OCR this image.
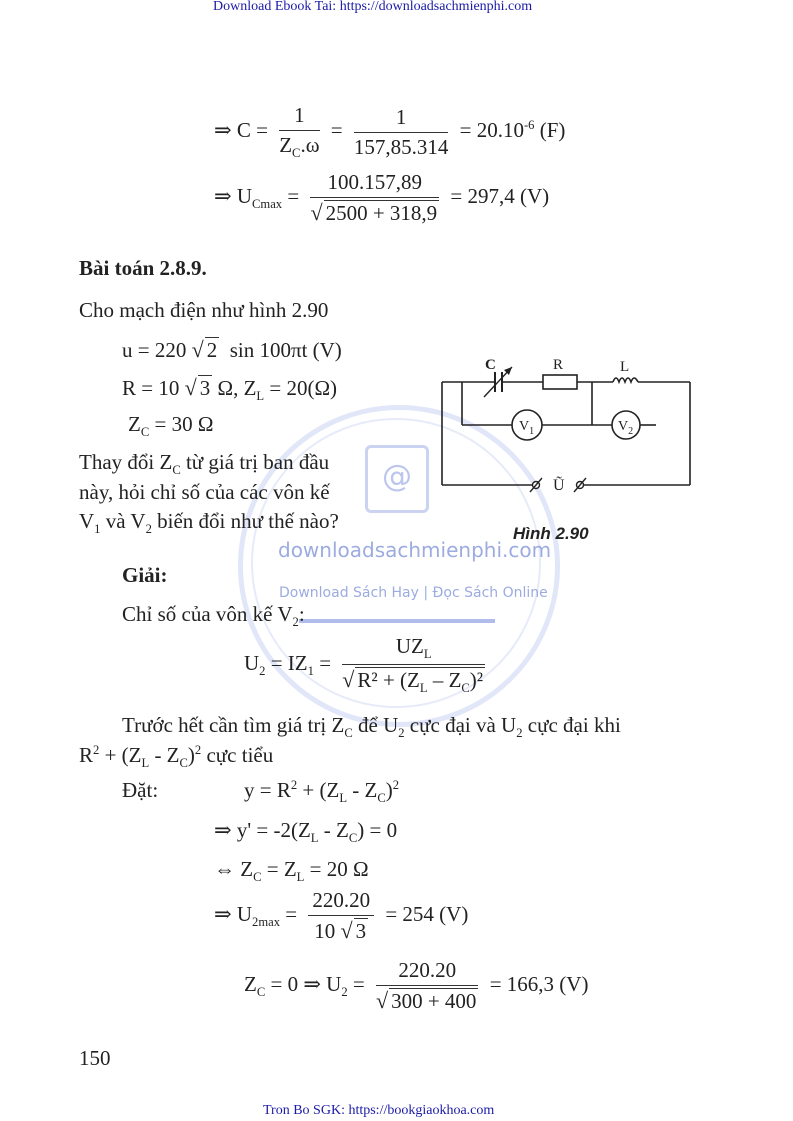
Download Ebook Tai: https://downloadsachmienphi.com
Tron Bo SGK: https://bookgiaokhoa.com
@
downloadsachmienphi.com
Download Sách Hay | Đọc Sách Online
⇒ $C = \frac{1}{Z_C.\omega} = \frac{1}{157,85.314} = 20.10^{-6}$ (F)
⇒ $U_{Cmax} = \frac{100.157,89}{√ 2500 + 318,9} = 297,4$ (V)
Bài toán 2.8.9.
Cho mạch điện như hình 2.90
u = 220 √ 2 sin 100πt (V)
R = 10 √ 3 Ω, $Z_L = 20(\Omega)$
$Z_C = 30$ Ω
Thay đổi $Z_C$ từ giá trị ban đầu
này, hỏi chỉ số của các vôn kế
$V_1$ và $V_2$ biến đổi như thế nào?
C	R	L
$V_1$	$V_2$
Ũ
Hình 2.90
Giải:
Chỉ số của vôn kế $V_2$:
$U_2 = IZ_1 = \frac{UZ_L}{√ R^2 + (Z_L - Z_C)^2}$
Trước hết cần tìm giá trị $Z_C$ để $U_2$ cực đại và $U_2$ cực đại khi
$R^2 + (Z_L - Z_C)^2$ cực tiểu
Đặt:	$y = R^2 + (Z_L - Z_C)^2$
⇒ $y' = -2(Z_L - Z_C) = 0$
⇔ $Z_C = Z_L = 20$ Ω
⇒ $U_{2max} = \frac{220.20}{10 √ 3} = 254$ (V)
$Z_C = 0$ ⇒ $U_2 = \frac{220.20}{√ 300 + 400} = 166,3$ (V)
150
